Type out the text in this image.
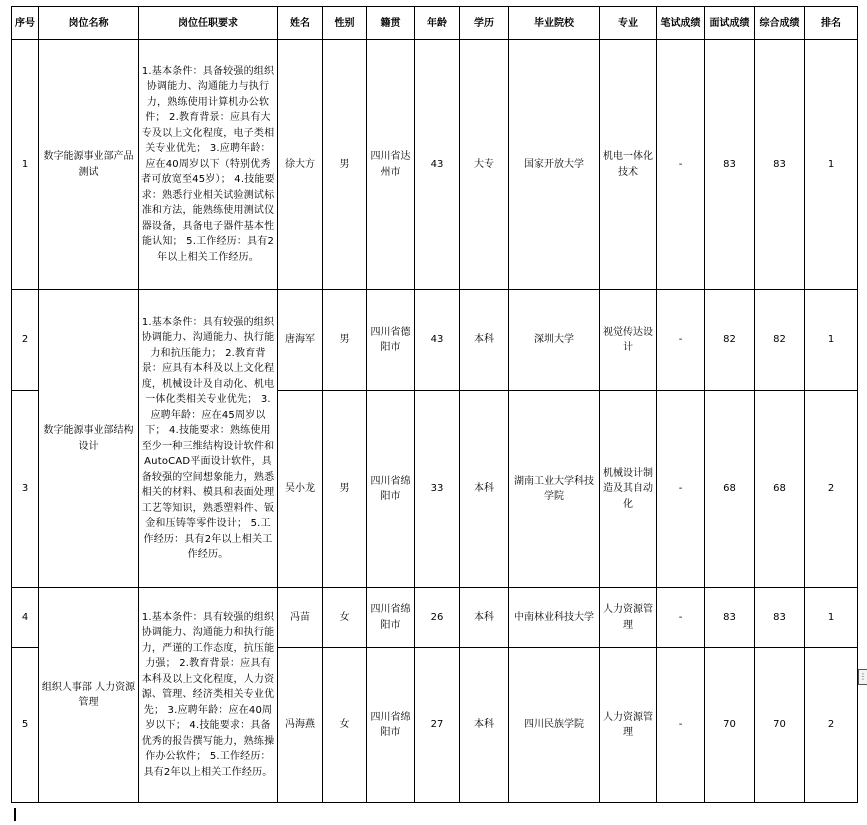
序号	岗位名称	岗位任职要求	姓名	性别	籍贯	年龄	学历	毕业院校	专业	笔试成绩	面试成绩	综合成绩	排名
1	数字能源事业部产品测试	1.基本条件：具备较强的组织协调能力、沟通能力与执行力，熟练使用计算机办公软件； 2.教育背景：应具有大专及以上文化程度，电子类相关专业优先； 3.应聘年龄：应在40周岁以下（特别优秀者可放宽至45岁）； 4.技能要求：熟悉行业相关试验测试标准和方法，能熟练使用测试仪器设备，具备电子器件基本性能认知； 5.工作经历：具有2年以上相关工作经历。	徐大方	男	四川省达州市	43	大专	国家开放大学	机电一体化技术	-	83	83	1
2	数字能源事业部结构设计	1.基本条件：具有较强的组织协调能力、沟通能力、执行能力和抗压能力； 2.教育背景：应具有本科及以上文化程度，机械设计及自动化、机电一体化类相关专业优先； 3.应聘年龄：应在45周岁以下； 4.技能要求：熟练使用至少一种三维结构设计软件和AutoCAD平面设计软件，具备较强的空间想象能力，熟悉相关的材料、模具和表面处理工艺等知识，熟悉塑料件、钣金和压铸等零件设计； 5.工作经历：具有2年以上相关工作经历。	唐海军	男	四川省德阳市	43	本科	深圳大学	视觉传达设计	-	82	82	1
3			吴小龙	男	四川省绵阳市	33	本科	湖南工业大学科技学院	机械设计制造及其自动化	-	68	68	2
4	组织人事部 人力资源管理	1.基本条件：具有较强的组织协调能力、沟通能力和执行能力，严谨的工作态度，抗压能力强； 2.教育背景：应具有本科及以上文化程度，人力资源、管理、经济类相关专业优先； 3.应聘年龄：应在40周岁以下； 4.技能要求：具备优秀的报告撰写能力，熟练操作办公软件； 5.工作经历：具有2年以上相关工作经历。	冯苗	女	四川省绵阳市	26	本科	中南林业科技大学	人力资源管理	-	83	83	1
5			冯海燕	女	四川省绵阳市	27	本科	四川民族学院	人力资源管理	-	70	70	2
⋮
